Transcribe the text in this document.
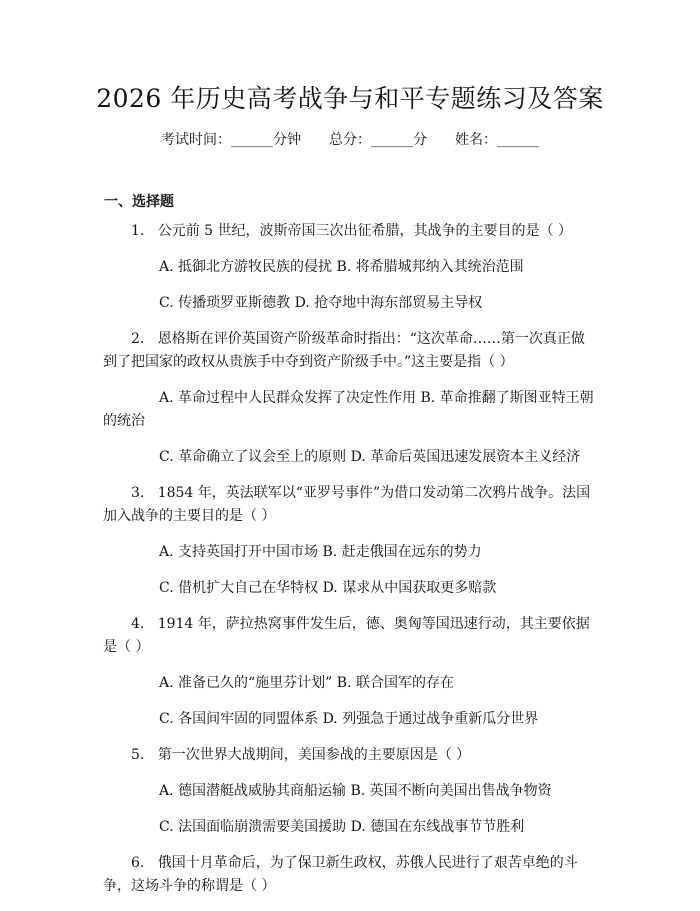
2026 年历史高考战争与和平专题练习及答案
考试时间：______分钟 总分：______分 姓名：______
一、选择题

1.   公元前 5 世纪，波斯帝国三次出征希腊，其战争的主要目的是（ ）

A. 抵御北方游牧民族的侵扰 B. 将希腊城邦纳入其统治范围

C. 传播琐罗亚斯德教 D. 抢夺地中海东部贸易主导权

2.   恩格斯在评价英国资产阶级革命时指出：“这次革命……第一次真正做到了把国家的政权从贵族手中夺到资产阶级手中。”这主要是指（ ）

A. 革命过程中人民群众发挥了决定性作用 B. 革命推翻了斯图亚特王朝的统治

C. 革命确立了议会至上的原则 D. 革命后英国迅速发展资本主义经济

3.   1854 年，英法联军以“亚罗号事件”为借口发动第二次鸦片战争。法国加入战争的主要目的是（ ）

A. 支持英国打开中国市场 B. 赶走俄国在远东的势力

C. 借机扩大自己在华特权 D. 谋求从中国获取更多赔款

4.   1914 年，萨拉热窝事件发生后，德、奥匈等国迅速行动，其主要依据是（ ）

A. 准备已久的“施里芬计划” B. 联合国军的存在

C. 各国间牢固的同盟体系 D. 列强急于通过战争重新瓜分世界

5.   第一次世界大战期间，美国参战的主要原因是（ ）

A. 德国潜艇战威胁其商船运输 B. 英国不断向美国出售战争物资

C. 法国面临崩溃需要美国援助 D. 德国在东线战事节节胜利

6.   俄国十月革命后，为了保卫新生政权，苏俄人民进行了艰苦卓绝的斗争，这场斗争的称谓是（ ）
